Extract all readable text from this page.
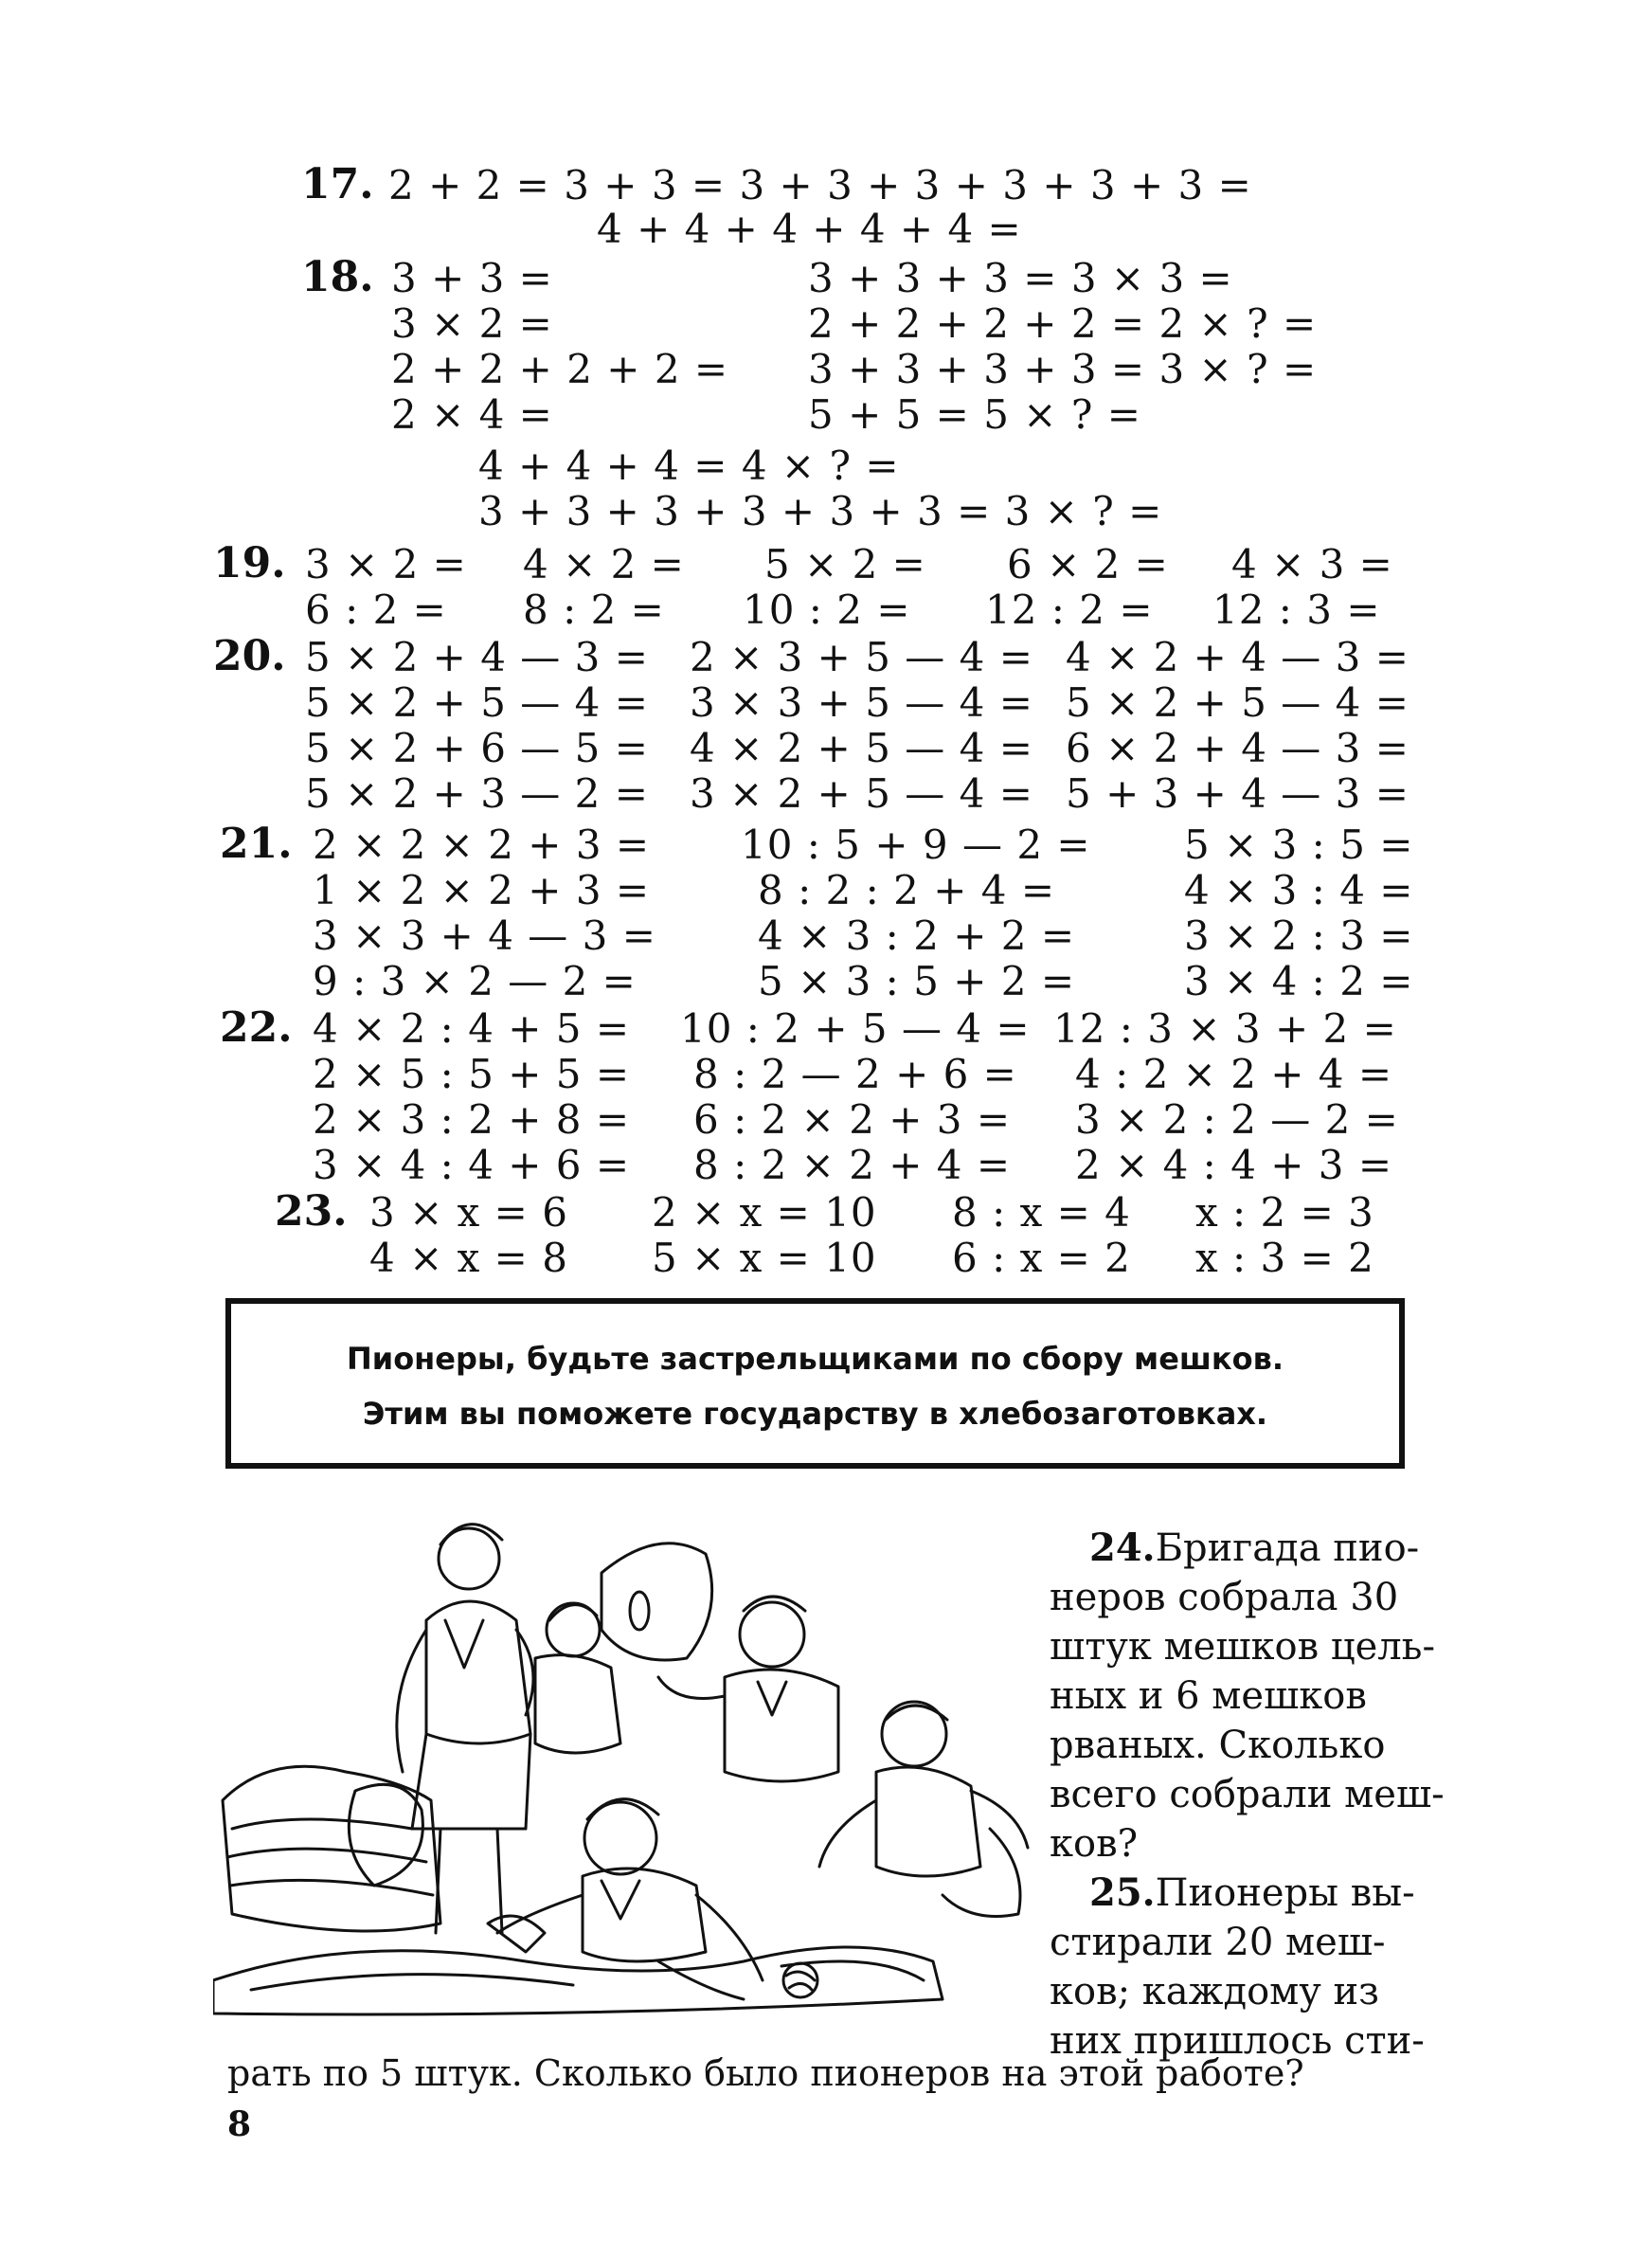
17. 2 + 2 = 3 + 3 = 3 + 3 + 3 + 3 + 3 + 3 =
4 + 4 + 4 + 4 + 4 =
18. 3 + 3 =
3 × 2 =
2 + 2 + 2 + 2 =
2 × 4 =
3 + 3 + 3 = 3 × 3 =
2 + 2 + 2 + 2 = 2 × ? =
3 + 3 + 3 + 3 = 3 × ? =
5 + 5 = 5 × ? =
4 + 4 + 4 = 4 × ? =
3 + 3 + 3 + 3 + 3 + 3 = 3 × ? =
19. 3 × 2 = 4 × 2 = 5 × 2 = 6 × 2 = 4 × 3 =
6 : 2 = 8 : 2 = 10 : 2 = 12 : 2 = 12 : 3 =
20. 5 × 2 + 4 — 3 =
5 × 2 + 5 — 4 =
5 × 2 + 6 — 5 =
5 × 2 + 3 — 2 =
2 × 3 + 5 — 4 =
3 × 3 + 5 — 4 =
4 × 2 + 5 — 4 =
3 × 2 + 5 — 4 =
4 × 2 + 4 — 3 =
5 × 2 + 5 — 4 =
6 × 2 + 4 — 3 =
5 + 3 + 4 — 3 =
21. 2 × 2 × 2 + 3 =
1 × 2 × 2 + 3 =
3 × 3 + 4 — 3 =
9 : 3 × 2 — 2 =
10 : 5 + 9 — 2 =
8 : 2 : 2 + 4 =
4 × 3 : 2 + 2 =
5 × 3 : 5 + 2 =
5 × 3 : 5 =
4 × 3 : 4 =
3 × 2 : 3 =
3 × 4 : 2 =
22. 4 × 2 : 4 + 5 =
2 × 5 : 5 + 5 =
2 × 3 : 2 + 8 =
3 × 4 : 4 + 6 =
10 : 2 + 5 — 4 =
8 : 2 — 2 + 6 =
6 : 2 × 2 + 3 =
8 : 2 × 2 + 4 =
12 : 3 × 3 + 2 =
4 : 2 × 2 + 4 =
3 × 2 : 2 — 2 =
2 × 4 : 4 + 3 =
23. 3 × x = 6 2 × x = 10 8 : x = 4 x : 2 = 3
4 × x = 8 5 × x = 10 6 : x = 2 x : 3 = 2
Пионеры, будьте застрельщиками по сбору мешков.
Этим вы поможете государству в хлебозаготовках.
24.Бригада пио-
неров собрала 30
штук мешков цель-
ных и 6 мешков
рваных. Сколько
всего собрали меш-
ков?
25.Пионеры вы-
стирали 20 меш-
ков; каждому из
них пришлось сти-
рать по 5 штук. Сколько было пионеров на этой работе?
8
